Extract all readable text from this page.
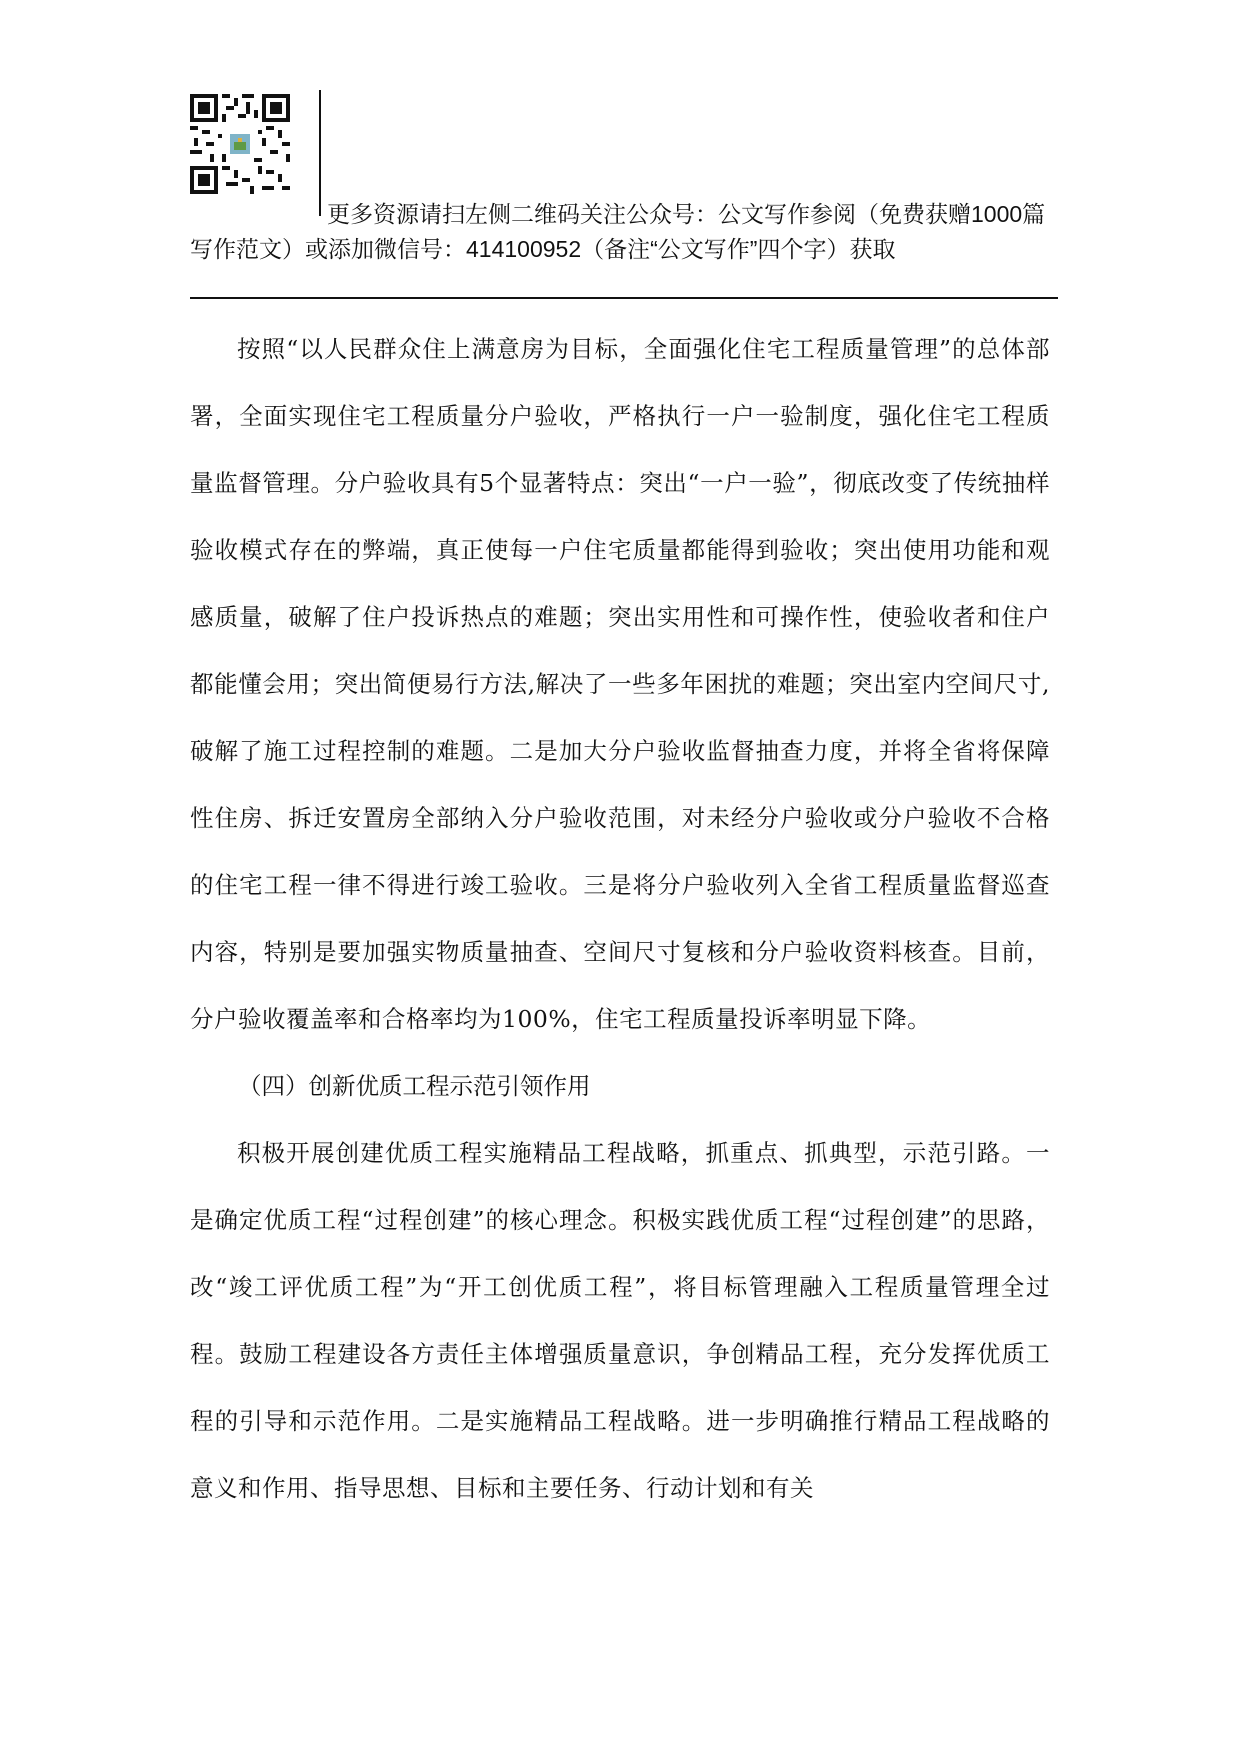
更多资源请扫左侧二维码关注公众号：公文写作参阅（免费获赠1000篇写作范文）或添加微信号：414100952（备注“公文写作”四个字）获取

按照“以人民群众住上满意房为目标，全面强化住宅工程质量管理”的总体部署，全面实现住宅工程质量分户验收，严格执行一户一验制度，强化住宅工程质量监督管理。分户验收具有5个显著特点：突出“一户一验”，彻底改变了传统抽样验收模式存在的弊端，真正使每一户住宅质量都能得到验收；突出使用功能和观感质量，破解了住户投诉热点的难题；突出实用性和可操作性，使验收者和住户都能懂会用；突出简便易行方法,解决了一些多年困扰的难题；突出室内空间尺寸,破解了施工过程控制的难题。二是加大分户验收监督抽查力度，并将全省将保障性住房、拆迁安置房全部纳入分户验收范围，对未经分户验收或分户验收不合格的住宅工程一律不得进行竣工验收。三是将分户验收列入全省工程质量监督巡查内容，特别是要加强实物质量抽查、空间尺寸复核和分户验收资料核查。目前，分户验收覆盖率和合格率均为100%，住宅工程质量投诉率明显下降。

（四）创新优质工程示范引领作用

积极开展创建优质工程实施精品工程战略，抓重点、抓典型，示范引路。一是确定优质工程“过程创建”的核心理念。积极实践优质工程“过程创建”的思路，改“竣工评优质工程”为“开工创优质工程”，将目标管理融入工程质量管理全过程。鼓励工程建设各方责任主体增强质量意识，争创精品工程，充分发挥优质工程的引导和示范作用。二是实施精品工程战略。进一步明确推行精品工程战略的意义和作用、指导思想、目标和主要任务、行动计划和有关
